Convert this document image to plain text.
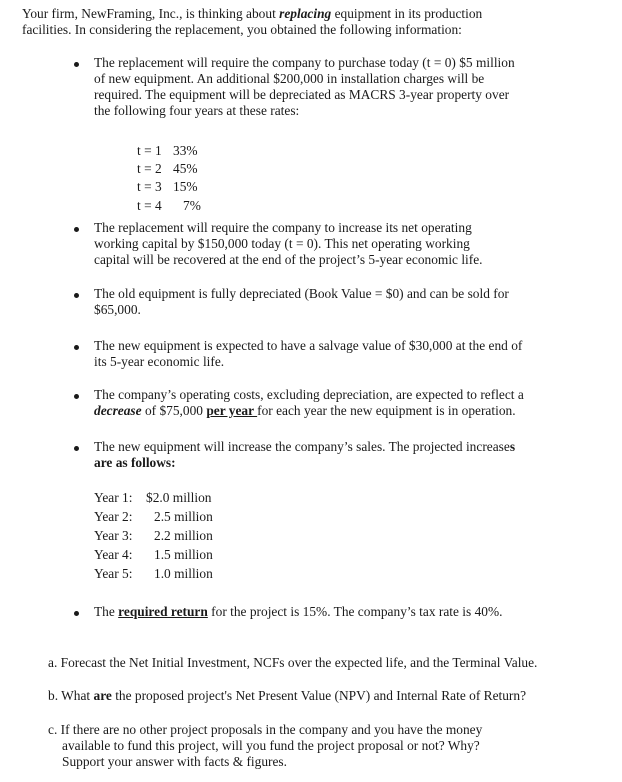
Your firm, NewFraming, Inc., is thinking about replacing equipment in its production
facilities. In considering the replacement, you obtained the following information:
The replacement will require the company to purchase today (t = 0) $5 million
of new equipment. An additional $200,000 in installation charges will be
required. The equipment will be depreciated as MACRS 3-year property over
the following four years at these rates:
t = 1 33%
t = 2 45%
t = 3 15%
t = 4 7%
The replacement will require the company to increase its net operating
working capital by $150,000 today (t = 0). This net operating working
capital will be recovered at the end of the project’s 5-year economic life.
The old equipment is fully depreciated (Book Value = $0) and can be sold for
$65,000.
The new equipment is expected to have a salvage value of $30,000 at the end of
its 5-year economic life.
The company’s operating costs, excluding depreciation, are expected to reflect a
decrease of $75,000 per year for each year the new equipment is in operation.
The new equipment will increase the company’s sales. The projected increases
are as follows:
Year 1: $2.0 million
Year 2: 2.5 million
Year 3: 2.2 million
Year 4: 1.5 million
Year 5: 1.0 million
The required return for the project is 15%. The company’s tax rate is 40%.
a. Forecast the Net Initial Investment, NCFs over the expected life, and the Terminal Value.
b. What are the proposed project's Net Present Value (NPV) and Internal Rate of Return?
c. If there are no other project proposals in the company and you have the money
available to fund this project, will you fund the project proposal or not? Why?
Support your answer with facts & figures.
